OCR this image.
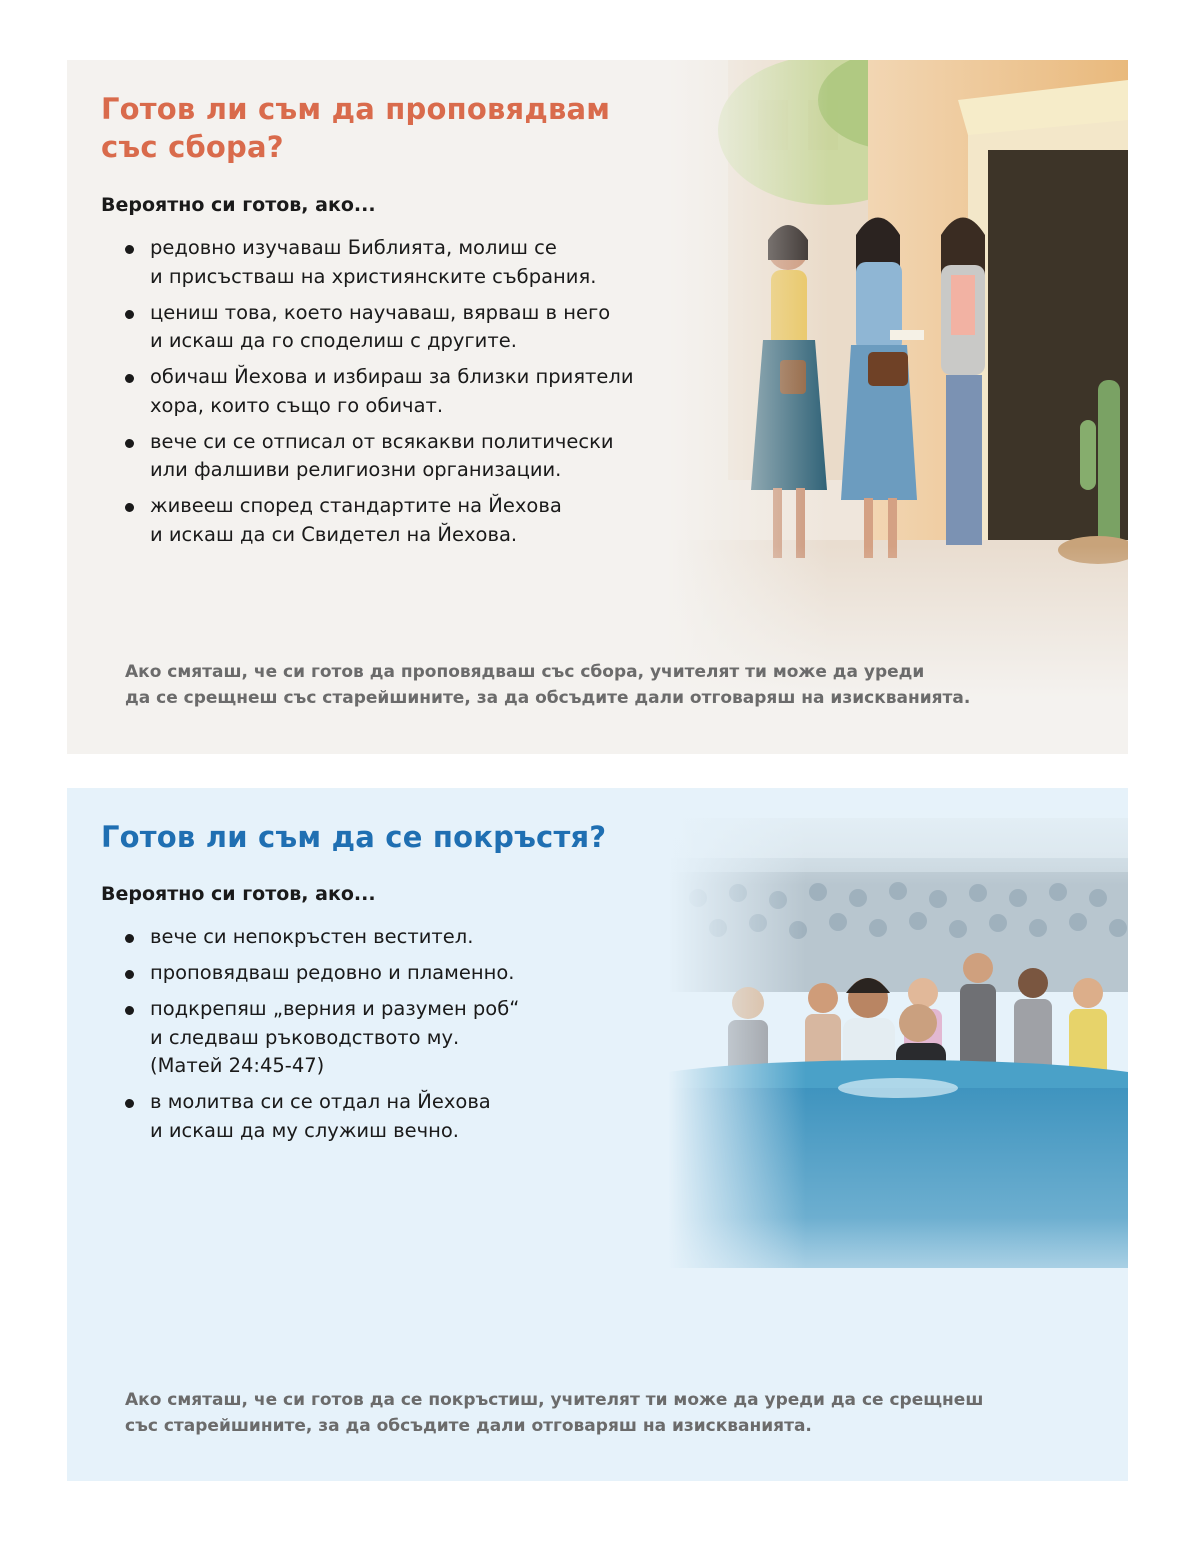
Готов ли съм да проповядвам със сбора?

Вероятно си готов, ако...

редовно изучаваш Библията, молиш се
и присъстваш на християнските събрания.
цениш това, което научаваш, вярваш в него
и искаш да го споделиш с другите.
обичаш Йехова и избираш за близки приятели
хора, които също го обичат.
вече си се отписал от всякакви политически
или фалшиви религиозни организации.
живееш според стандартите на Йехова
и искаш да си Свидетел на Йехова.

Ако смяташ, че си готов да проповядваш със сбора, учителят ти може да уреди
да се срещнеш със старейшините, за да обсъдите дали отговаряш на изискванията.

Готов ли съм да се покръстя?

Вероятно си готов, ако...

вече си непокръстен вестител.
проповядваш редовно и пламенно.
подкрепяш „верния и разумен роб“
и следваш ръководството му.
(Матей 24:45-47)
в молитва си се отдал на Йехова
и искаш да му служиш вечно.

Ако смяташ, че си готов да се покръстиш, учителят ти може да уреди да се срещнеш
със старейшините, за да обсъдите дали отговаряш на изискванията.
